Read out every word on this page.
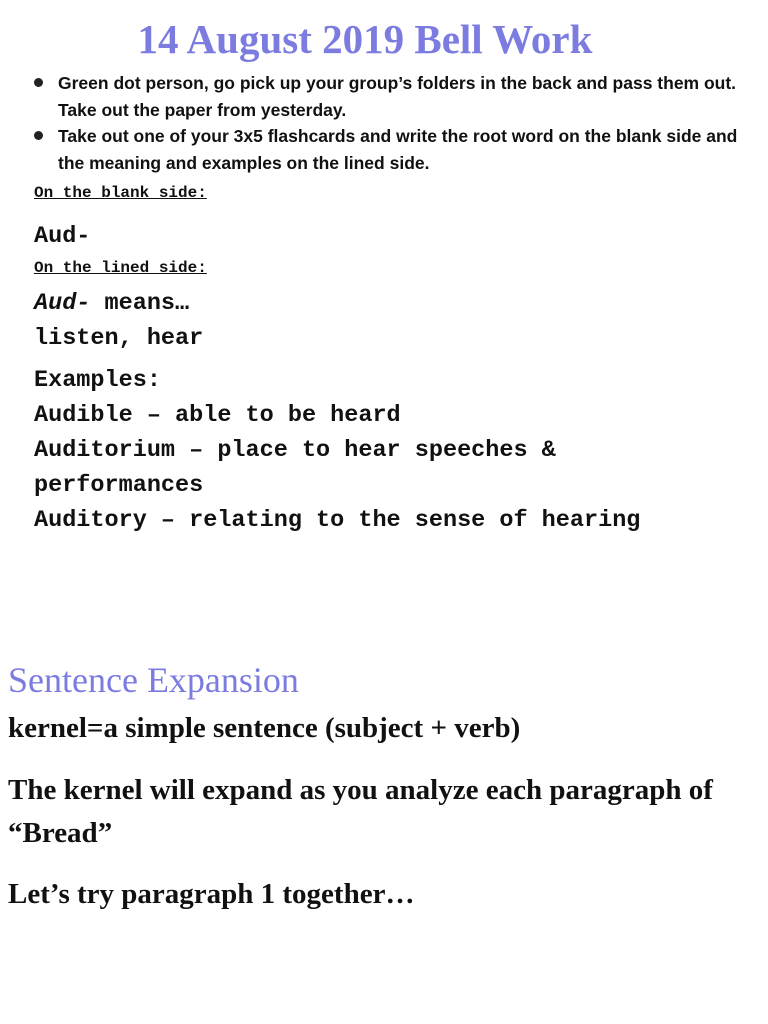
14 August 2019 Bell Work
Green dot person, go pick up your group’s folders in the back and pass them out. Take out the paper from yesterday.
Take out one of your 3x5 flashcards and write the root word on the blank side and the meaning and examples on the lined side.
On the blank side:
Aud-
On the lined side:
Aud- means…
listen, hear
Examples:
Audible – able to be heard
Auditorium – place to hear speeches & performances
Auditory – relating to the sense of hearing
Sentence Expansion

kernel=a simple sentence (subject + verb)

The kernel will expand as you analyze each paragraph of “Bread”

Let’s try paragraph 1 together…
